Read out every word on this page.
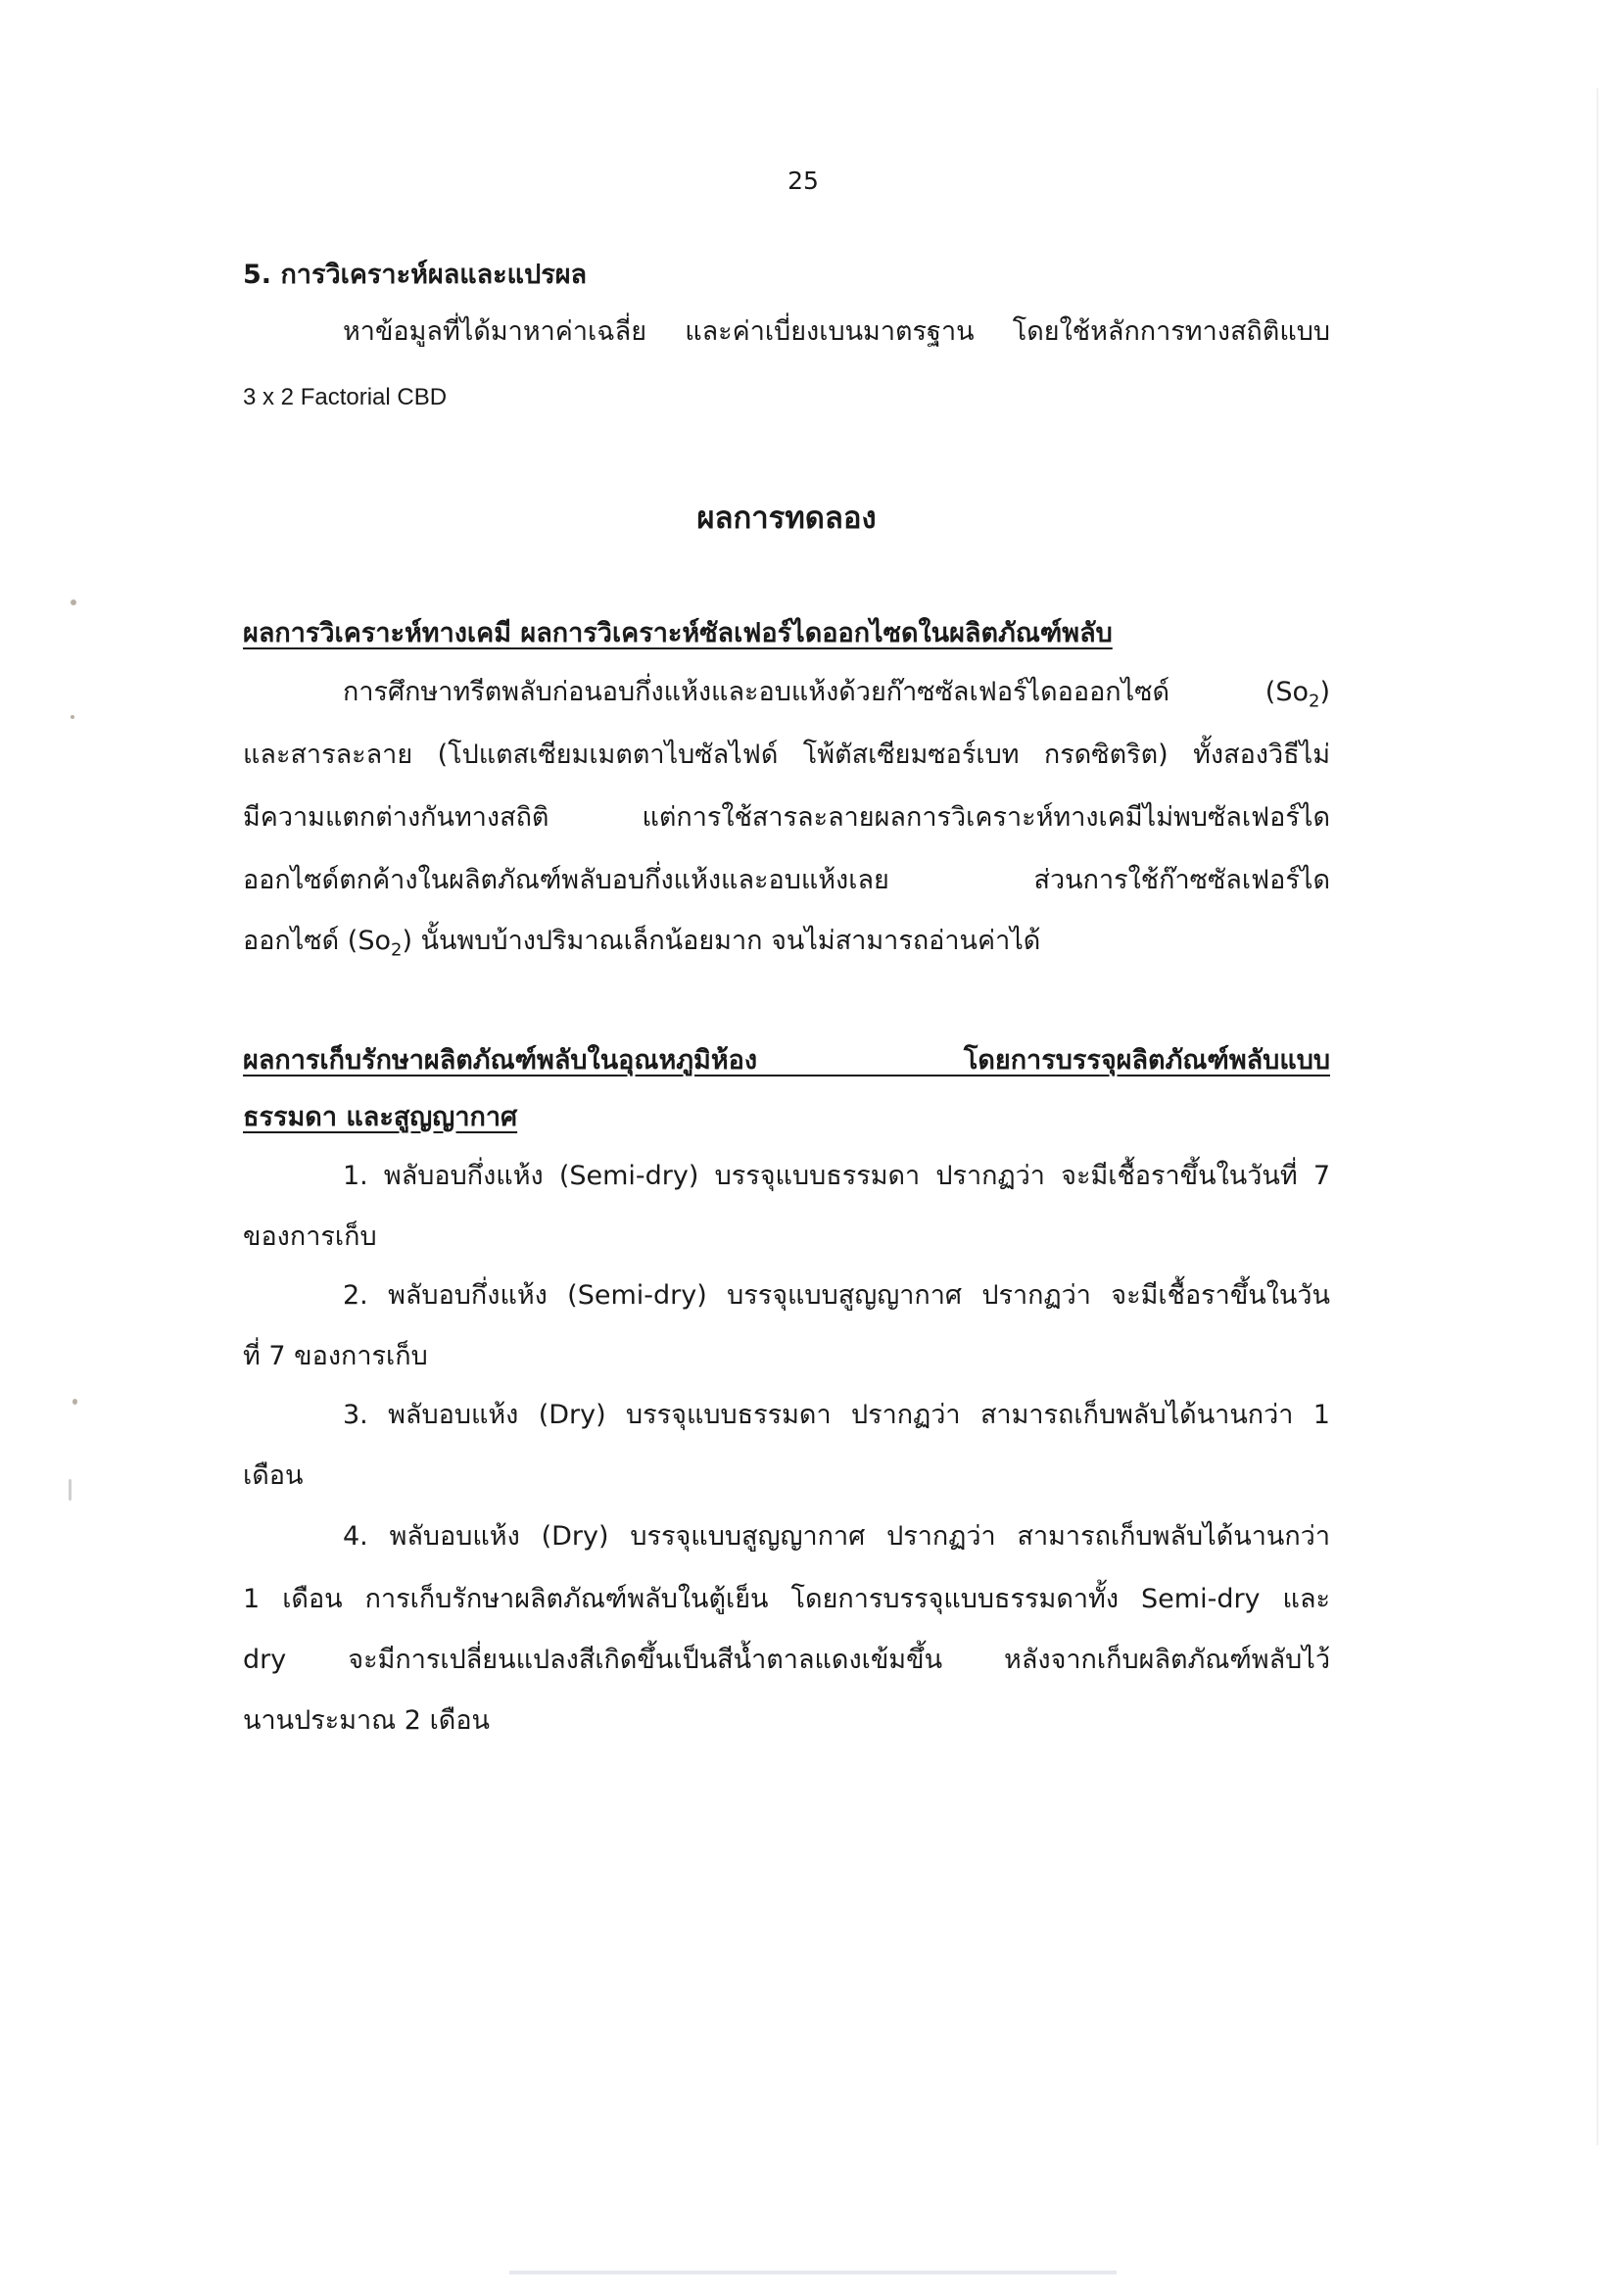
25
5. การวิเคราะห์ผลและแปรผล
หาข้อมูลที่ได้มาหาค่าเฉลี่ย และค่าเบี่ยงเบนมาตรฐาน โดยใช้หลักการทางสถิติแบบ
3 x 2 Factorial CBD
ผลการทดลอง
ผลการวิเคราะห์ทางเคมี ผลการวิเคราะห์ซัลเฟอร์ไดออกไซดในผลิตภัณฑ์พลับ
การศึกษาทรีตพลับก่อนอบกึ่งแห้งและอบแห้งด้วยก๊าซซัลเฟอร์ไดอออกไซด์	$(So_2)$
และสารละลาย (โปแตสเซียมเมตตาไบซัลไฟด์ โพ้ตัสเซียมซอร์เบท กรดซิตริต) ทั้งสองวิธีไม่
มีความแตกต่างกันทางสถิติ แต่การใช้สารละลายผลการวิเคราะห์ทางเคมีไม่พบซัลเฟอร์ได
ออกไซด์ตกค้างในผลิตภัณฑ์พลับอบกึ่งแห้งและอบแห้งเลย ส่วนการใช้ก๊าซซัลเฟอร์ได
ออกไซด์ $(So_2)$ นั้นพบบ้างปริมาณเล็กน้อยมาก จนไม่สามารถอ่านค่าได้
ผลการเก็บรักษาผลิตภัณฑ์พลับในอุณหภูมิห้อง โดยการบรรจุผลิตภัณฑ์พลับแบบ
ธรรมดา และสูญญากาศ
1. พลับอบกึ่งแห้ง (Semi-dry) บรรจุแบบธรรมดา ปรากฏว่า จะมีเชื้อราขึ้นในวันที่ 7
ของการเก็บ
2. พลับอบกึ่งแห้ง (Semi-dry) บรรจุแบบสูญญากาศ ปรากฏว่า จะมีเชื้อราขึ้นในวัน
ที่ 7 ของการเก็บ
3. พลับอบแห้ง (Dry) บรรจุแบบธรรมดา ปรากฏว่า สามารถเก็บพลับได้นานกว่า 1
เดือน
4. พลับอบแห้ง (Dry) บรรจุแบบสูญญากาศ ปรากฏว่า สามารถเก็บพลับได้นานกว่า
1 เดือน การเก็บรักษาผลิตภัณฑ์พลับในตู้เย็น โดยการบรรจุแบบธรรมดาทั้ง Semi-dry และ
dry จะมีการเปลี่ยนแปลงสีเกิดขึ้นเป็นสีน้ำตาลแดงเข้มขึ้น หลังจากเก็บผลิตภัณฑ์พลับไว้
นานประมาณ 2 เดือน
